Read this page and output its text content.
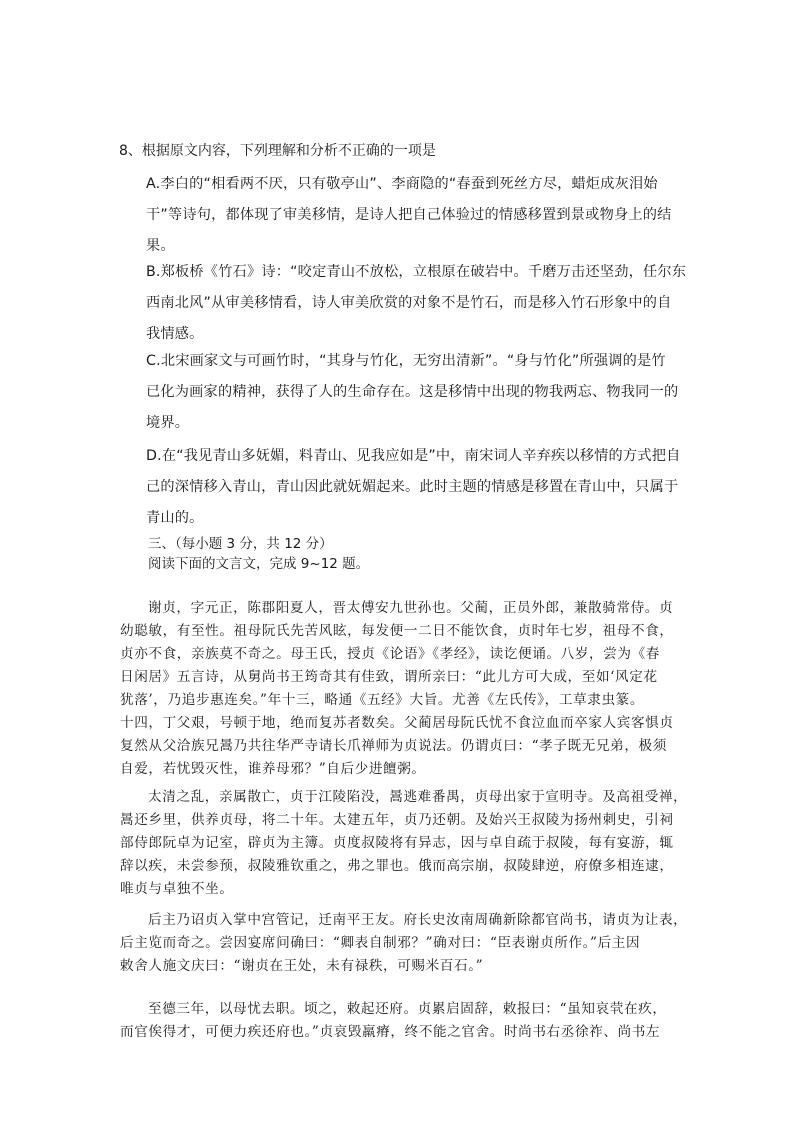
8、根据原文内容，下列理解和分析不正确的一项是
A.李白的“相看两不厌，只有敬亭山”、李商隐的“春蚕到死丝方尽，蜡炬成灰泪始
干”等诗句，都体现了审美移情，是诗人把自己体验过的情感移置到景或物身上的结
果。
B.郑板桥《竹石》诗：“咬定青山不放松，立根原在破岩中。千磨万击还坚劲，任尔东
西南北风”从审美移情看，诗人审美欣赏的对象不是竹石，而是移入竹石形象中的自
我情感。
C.北宋画家文与可画竹时，“其身与竹化，无穷出清新”。“身与竹化”所强调的是竹
已化为画家的精神，获得了人的生命存在。这是移情中出现的物我两忘、物我同一的
境界。
D.在“我见青山多妩媚，料青山、见我应如是”中，南宋词人辛弃疾以移情的方式把自
己的深情移入青山，青山因此就妩媚起来。此时主题的情感是移置在青山中，只属于
青山的。
三、（每小题 3 分，共 12 分）
阅读下面的文言文，完成 9~12 题。
谢贞，字元正，陈郡阳夏人，晋太傅安九世孙也。父蔺，正员外郎，兼散骑常侍。贞
幼聪敏，有至性。祖母阮氏先苦风眩，每发便一二日不能饮食，贞时年七岁，祖母不食，
贞亦不食，亲族莫不奇之。母王氏，授贞《论语》《孝经》，读讫便诵。八岁，尝为《春
日闲居》五言诗，从舅尚书王筠奇其有佳致，谓所亲曰：“此儿方可大成，至如‘风定花
犹落’，乃追步惠连矣。”年十三，略通《五经》大旨。尤善《左氏传》，工草隶虫篆。
十四，丁父艰，号顿于地，绝而复苏者数矣。父蔺居母阮氏忧不食泣血而卒家人宾客惧贞
复然从父洽族兄暠乃共往华严寺请长爪禅师为贞说法。仍谓贞曰：“孝子既无兄弟，极须
自爱，若忧毁灭性，谁养母邪？”自后少进饘粥。
太清之乱，亲属散亡，贞于江陵陷没，暠逃难番禺，贞母出家于宣明寺。及高祖受禅，
暠还乡里，供养贞母，将二十年。太建五年，贞乃还朝。及始兴王叔陵为扬州刺史，引祠
部侍郎阮卓为记室，辟贞为主簿。贞度叔陵将有异志，因与卓自疏于叔陵，每有宴游，辄
辞以疾，未尝参预，叔陵雅钦重之，弗之罪也。俄而高宗崩，叔陵肆逆，府僚多相连逮，
唯贞与卓独不坐。
后主乃诏贞入掌中宫管记，迁南平王友。府长史汝南周确新除都官尚书，请贞为让表，
后主览而奇之。尝因宴席问确曰：“卿表自制邪？”确对曰：“臣表谢贞所作。”后主因
敕舍人施文庆曰：“谢贞在王处，未有禄秩，可赐米百石。”
至德三年，以母忧去职。顷之，敕起还府。贞累启固辞，敕报曰：“虽知哀茕在疚，
而官俟得才，可便力疾还府也。”贞哀毁羸瘠，终不能之官舍。时尚书右丞徐祚、尚书左
